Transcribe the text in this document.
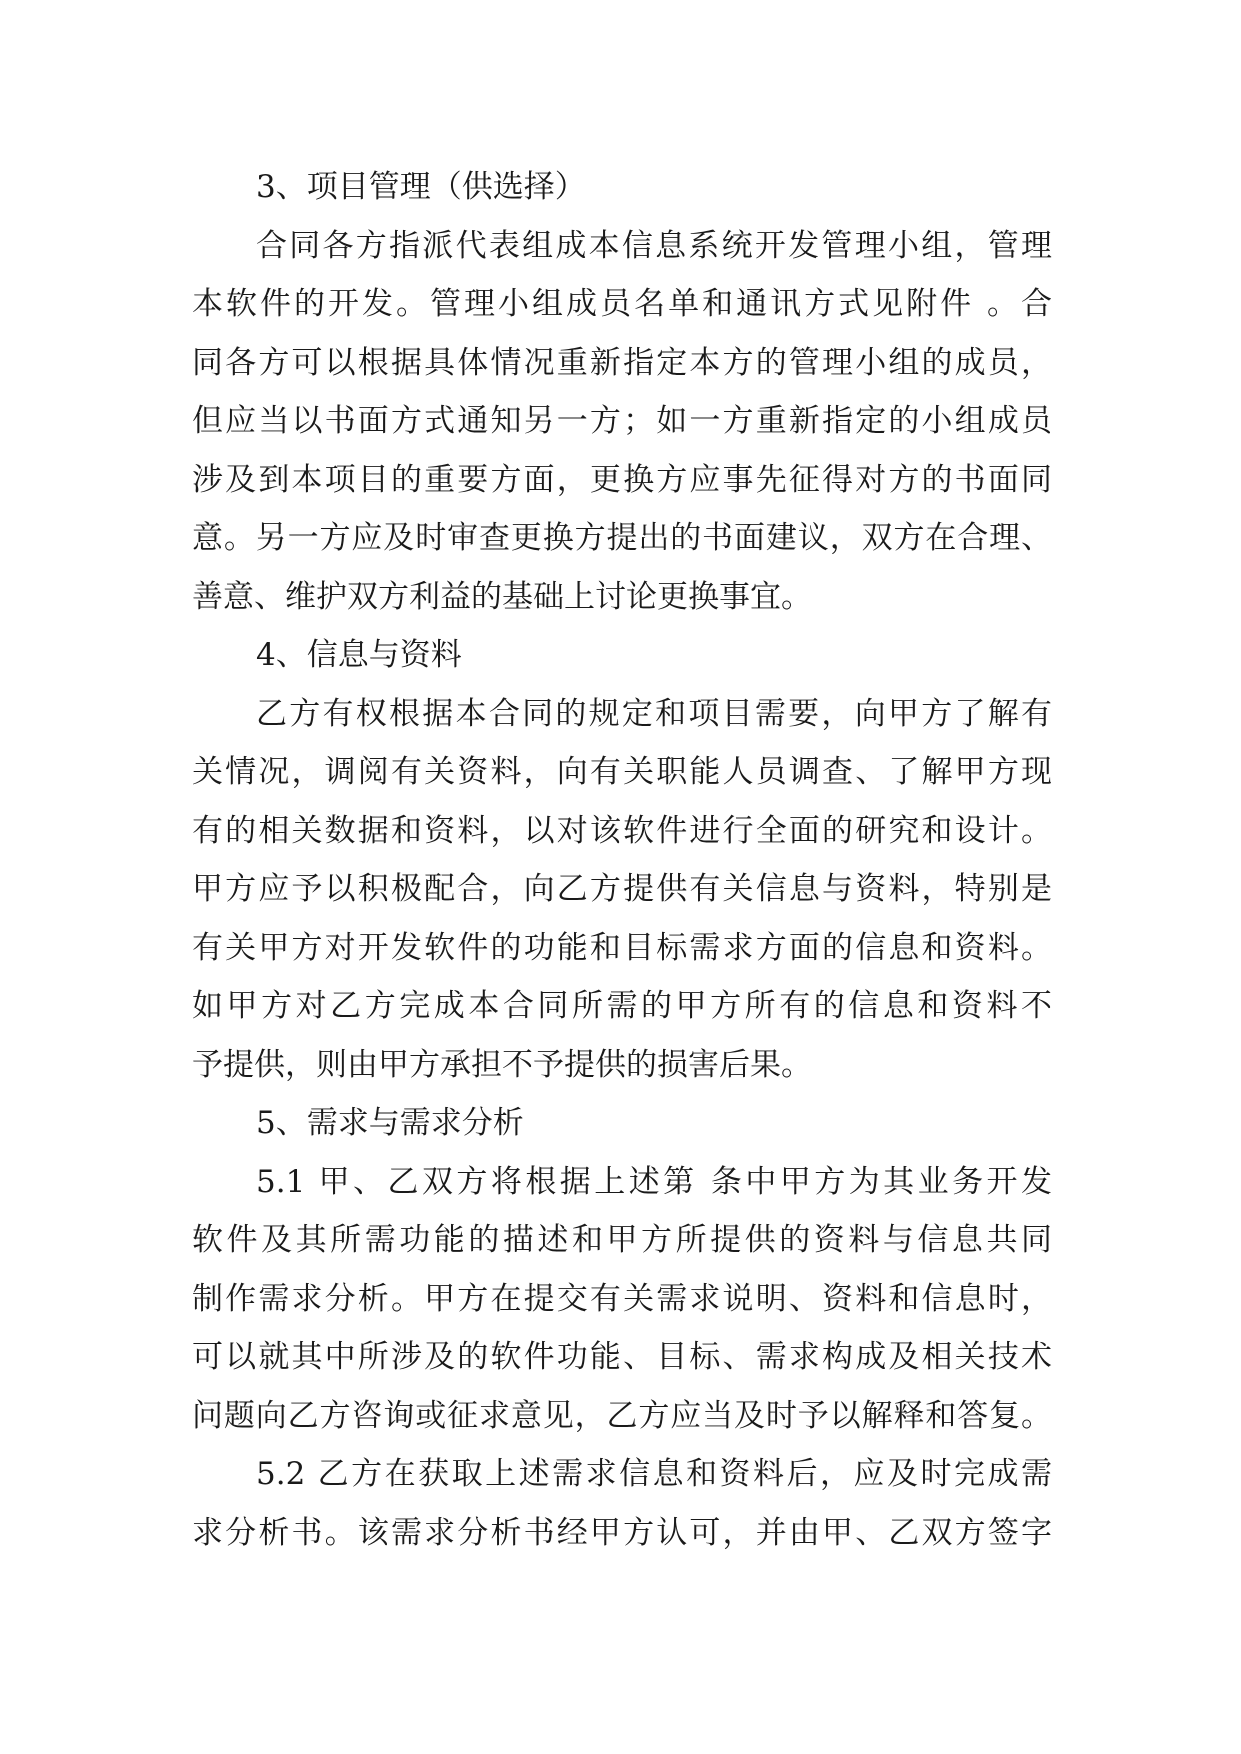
3、项目管理（供选择）
合同各方指派代表组成本信息系统开发管理小组，管理
本软件的开发。管理小组成员名单和通讯方式见附件 。合
同各方可以根据具体情况重新指定本方的管理小组的成员，
但应当以书面方式通知另一方；如一方重新指定的小组成员
涉及到本项目的重要方面，更换方应事先征得对方的书面同
意。另一方应及时审查更换方提出的书面建议，双方在合理、
善意、维护双方利益的基础上讨论更换事宜。
4、信息与资料
乙方有权根据本合同的规定和项目需要，向甲方了解有
关情况，调阅有关资料，向有关职能人员调查、了解甲方现
有的相关数据和资料，以对该软件进行全面的研究和设计。
甲方应予以积极配合，向乙方提供有关信息与资料，特别是
有关甲方对开发软件的功能和目标需求方面的信息和资料。
如甲方对乙方完成本合同所需的甲方所有的信息和资料不
予提供，则由甲方承担不予提供的损害后果。
5、需求与需求分析
5.1 甲、乙双方将根据上述第 条中甲方为其业务开发
软件及其所需功能的描述和甲方所提供的资料与信息共同
制作需求分析。甲方在提交有关需求说明、资料和信息时，
可以就其中所涉及的软件功能、目标、需求构成及相关技术
问题向乙方咨询或征求意见，乙方应当及时予以解释和答复。
5.2 乙方在获取上述需求信息和资料后，应及时完成需
求分析书。该需求分析书经甲方认可，并由甲、乙双方签字
